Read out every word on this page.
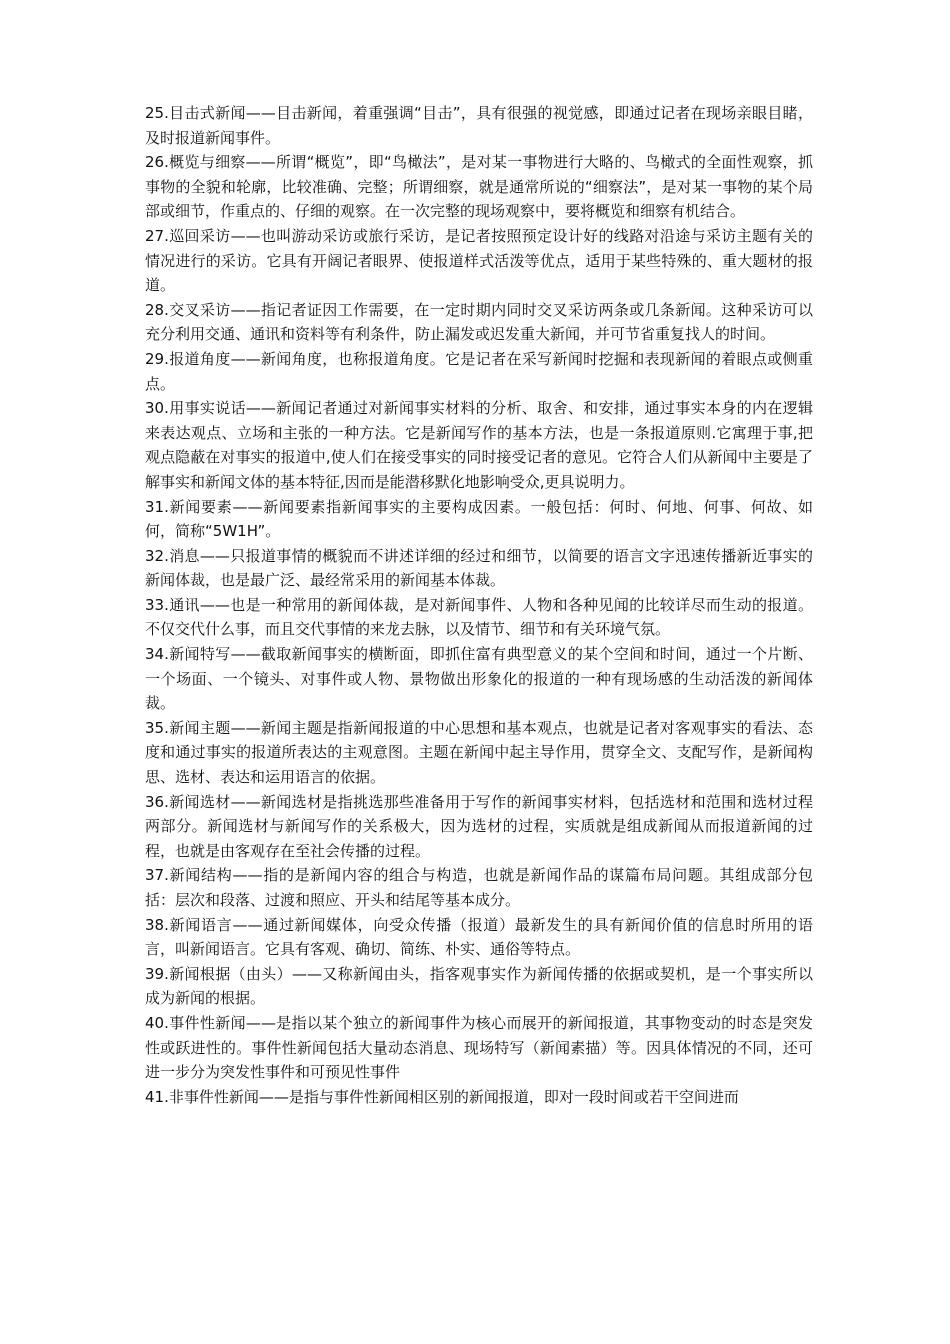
25.目击式新闻——目击新闻，着重强调“目击”，具有很强的视觉感，即通过记者在现场亲眼目睹，及时报道新闻事件。

26.概览与细察——所谓“概览”，即“鸟橄法”，是对某一事物进行大略的、鸟橄式的全面性观察，抓事物的全貌和轮廓，比较准确、完整；所谓细察，就是通常所说的“细察法”，是对某一事物的某个局部或细节，作重点的、仔细的观察。在一次完整的现场观察中，要将概览和细察有机结合。

27.巡回采访——也叫游动采访或旅行采访，是记者按照预定设计好的线路对沿途与采访主题有关的情况进行的采访。它具有开阔记者眼界、使报道样式活泼等优点，适用于某些特殊的、重大题材的报道。

28.交叉采访——指记者证因工作需要，在一定时期内同时交叉采访两条或几条新闻。这种采访可以充分利用交通、通讯和资料等有利条件，防止漏发或迟发重大新闻，并可节省重复找人的时间。

29.报道角度——新闻角度，也称报道角度。它是记者在采写新闻时挖掘和表现新闻的着眼点或侧重点。

30.用事实说话——新闻记者通过对新闻事实材料的分析、取舍、和安排，通过事实本身的内在逻辑来表达观点、立场和主张的一种方法。它是新闻写作的基本方法，也是一条报道原则.它寓理于事,把观点隐蔽在对事实的报道中,使人们在接受事实的同时接受记者的意见。它符合人们从新闻中主要是了解事实和新闻文体的基本特征,因而是能潜移默化地影响受众,更具说明力。

31.新闻要素——新闻要素指新闻事实的主要构成因素。一般包括：何时、何地、何事、何故、如何，简称“5W1H”。

32.消息——只报道事情的概貌而不讲述详细的经过和细节，以简要的语言文字迅速传播新近事实的新闻体裁，也是最广泛、最经常采用的新闻基本体裁。

33.通讯——也是一种常用的新闻体裁，是对新闻事件、人物和各种见闻的比较详尽而生动的报道。不仅交代什么事，而且交代事情的来龙去脉，以及情节、细节和有关环境气氛。

34.新闻特写——截取新闻事实的横断面，即抓住富有典型意义的某个空间和时间，通过一个片断、一个场面、一个镜头、对事件或人物、景物做出形象化的报道的一种有现场感的生动活泼的新闻体裁。

35.新闻主题——新闻主题是指新闻报道的中心思想和基本观点，也就是记者对客观事实的看法、态度和通过事实的报道所表达的主观意图。主题在新闻中起主导作用，贯穿全文、支配写作，是新闻构思、选材、表达和运用语言的依据。

36.新闻选材——新闻选材是指挑选那些准备用于写作的新闻事实材料，包括选材和范围和选材过程两部分。新闻选材与新闻写作的关系极大，因为选材的过程，实质就是组成新闻从而报道新闻的过程，也就是由客观存在至社会传播的过程。

37.新闻结构——指的是新闻内容的组合与构造，也就是新闻作品的谋篇布局问题。其组成部分包括：层次和段落、过渡和照应、开头和结尾等基本成分。

38.新闻语言——通过新闻媒体，向受众传播（报道）最新发生的具有新闻价值的信息时所用的语言，叫新闻语言。它具有客观、确切、简练、朴实、通俗等特点。

39.新闻根据（由头）——又称新闻由头，指客观事实作为新闻传播的依据或契机，是一个事实所以成为新闻的根据。

40.事件性新闻——是指以某个独立的新闻事件为核心而展开的新闻报道，其事物变动的时态是突发性或跃进性的。事件性新闻包括大量动态消息、现场特写（新闻素描）等。因具体情况的不同，还可进一步分为突发性事件和可预见性事件

41.非事件性新闻——是指与事件性新闻相区别的新闻报道，即对一段时间或若干空间进而
